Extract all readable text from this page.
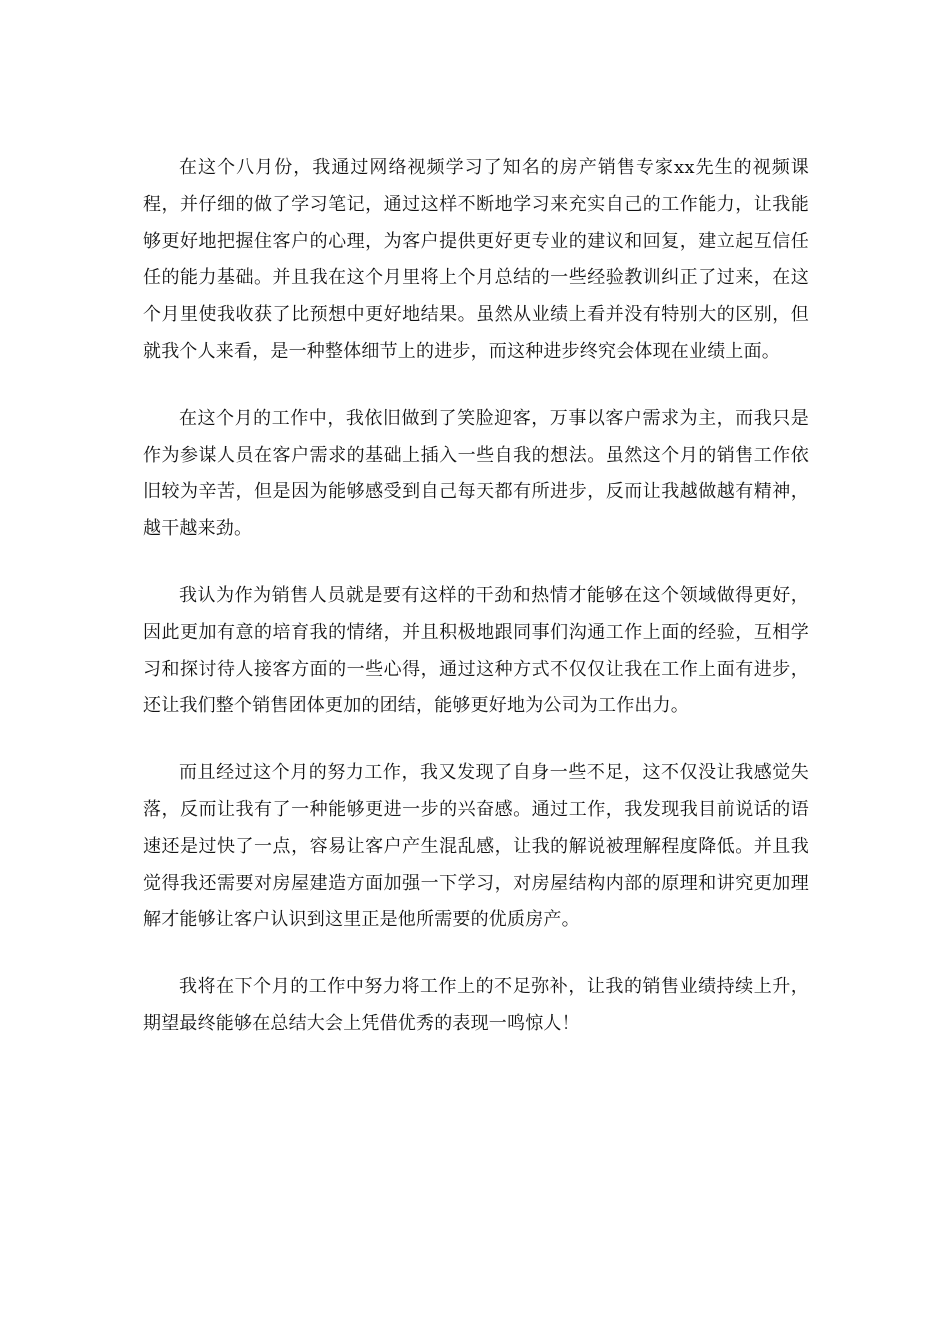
在这个八月份，我通过网络视频学习了知名的房产销售专家xx先生的视频课程，并仔细的做了学习笔记，通过这样不断地学习来充实自己的工作能力，让我能够更好地把握住客户的心理，为客户提供更好更专业的建议和回复，建立起互信任任的能力基础。并且我在这个月里将上个月总结的一些经验教训纠正了过来，在这个月里使我收获了比预想中更好地结果。虽然从业绩上看并没有特别大的区别，但就我个人来看，是一种整体细节上的进步，而这种进步终究会体现在业绩上面。

在这个月的工作中，我依旧做到了笑脸迎客，万事以客户需求为主，而我只是作为参谋人员在客户需求的基础上插入一些自我的想法。虽然这个月的销售工作依旧较为辛苦，但是因为能够感受到自己每天都有所进步，反而让我越做越有精神，越干越来劲。

我认为作为销售人员就是要有这样的干劲和热情才能够在这个领域做得更好，因此更加有意的培育我的情绪，并且积极地跟同事们沟通工作上面的经验，互相学习和探讨待人接客方面的一些心得，通过这种方式不仅仅让我在工作上面有进步，还让我们整个销售团体更加的团结，能够更好地为公司为工作出力。

而且经过这个月的努力工作，我又发现了自身一些不足，这不仅没让我感觉失落，反而让我有了一种能够更进一步的兴奋感。通过工作，我发现我目前说话的语速还是过快了一点，容易让客户产生混乱感，让我的解说被理解程度降低。并且我觉得我还需要对房屋建造方面加强一下学习，对房屋结构内部的原理和讲究更加理解才能够让客户认识到这里正是他所需要的优质房产。

我将在下个月的工作中努力将工作上的不足弥补，让我的销售业绩持续上升，期望最终能够在总结大会上凭借优秀的表现一鸣惊人！
